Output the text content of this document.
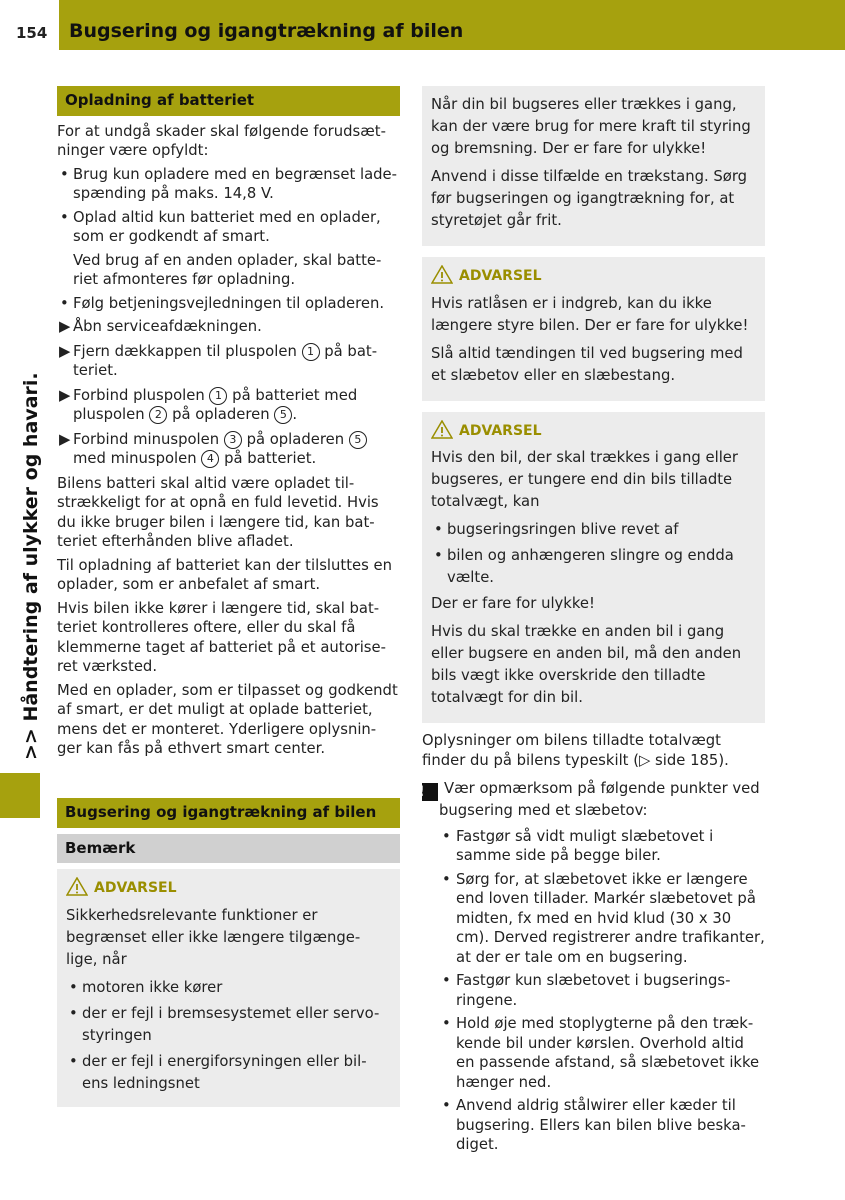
154 Bugsering og igangtrækning af bilen
>> Håndtering af ulykker og havari.
Opladning af batteriet

For at undgå skader skal følgende forudsæt-ninger være opfyldt:

• Brug kun opladere med en begrænset lade-spænding på maks. 14,8 V.
• Oplad altid kun batteriet med en oplader, som er godkendt af smart.
Ved brug af en anden oplader, skal batte-riet afmonteres før opladning.
• Følg betjeningsvejledningen til opladeren.
▶ Åbn serviceafdækningen.
▶ Fjern dækkappen til pluspolen 1 på bat-teriet.
▶ Forbind pluspolen 1 på batteriet med pluspolen 2 på opladeren 5 .
▶ Forbind minuspolen 3 på opladeren 5 med minuspolen 4 på batteriet.

Bilens batteri skal altid være opladet til-strækkeligt for at opnå en fuld levetid. Hvis du ikke bruger bilen i længere tid, kan bat-teriet efterhånden blive afladet.

Til opladning af batteriet kan der tilsluttes en oplader, som er anbefalet af smart.

Hvis bilen ikke kører i længere tid, skal bat-teriet kontrolleres oftere, eller du skal få klemmerne taget af batteriet på et autorise-ret værksted.

Med en oplader, som er tilpasset og godkendt af smart, er det muligt at oplade batteriet, mens det er monteret. Yderligere oplysnin-ger kan fås på ethvert smart center.

Bugsering og igangtrækning af bilen
Bemærk
ADVARSEL

Sikkerhedsrelevante funktioner er begrænset eller ikke længere tilgænge-lige, når

• motoren ikke kører
• der er fejl i bremsesystemet eller servo-styringen
• der er fejl i energiforsyningen eller bil-ens ledningsnet

Når din bil bugseres eller trækkes i gang, kan der være brug for mere kraft til styring og bremsning. Der er fare for ulykke!

Anvend i disse tilfælde en trækstang. Sørg før bugseringen og igangtrækning for, at styretøjet går frit.

ADVARSEL

Hvis ratlåsen er i indgreb, kan du ikke længere styre bilen. Der er fare for ulykke!

Slå altid tændingen til ved bugsering med et slæbetov eller en slæbestang.

ADVARSEL

Hvis den bil, der skal trækkes i gang eller bugseres, er tungere end din bils tilladte totalvægt, kan

• bugseringsringen blive revet af
• bilen og anhængeren slingre og endda vælte.

Der er fare for ulykke!

Hvis du skal trække en anden bil i gang eller bugsere en anden bil, må den anden bils vægt ikke overskride den tilladte totalvægt for din bil.

Oplysninger om bilens tilladte totalvægt finder du på bilens typeskilt (▷ side 185).

! Vær opmærksom på følgende punkter ved bugsering med et slæbetov:

• Fastgør så vidt muligt slæbetovet i samme side på begge biler.
• Sørg for, at slæbetovet ikke er længere end loven tillader. Markér slæbetovet på midten, fx med en hvid klud (30 x 30 cm). Derved registrerer andre trafikanter, at der er tale om en bugsering.
• Fastgør kun slæbetovet i bugserings-ringene.
• Hold øje med stoplygterne på den træk-kende bil under kørslen. Overhold altid en passende afstand, så slæbetovet ikke hænger ned.
• Anvend aldrig stålwirer eller kæder til bugsering. Ellers kan bilen blive beska-diget.
